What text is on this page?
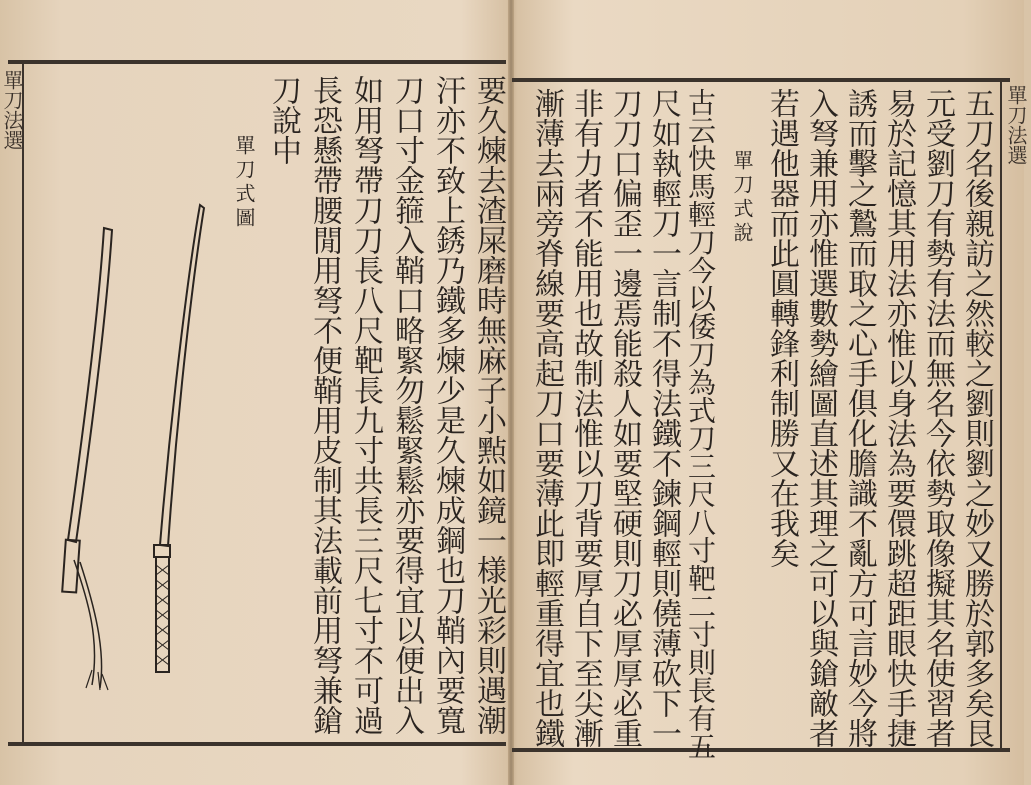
單刀法選	要久煉去渣屎磨時無麻子小㸃如鏡一様光彩則遇潮
汗亦不致上銹乃鐵多煉少是久煉成鋼也刀鞘內要寬
刀口寸金箍入鞘口略緊勿鬆緊鬆亦要得宜以便出入
如用弩帶刀刀長八尺靶長九寸共長三尺七寸不可過
長恐懸帶腰閒用弩不便鞘用皮制其法載前用弩兼鎗
刀說中
單刀式圖
單刀法選
五刀名後親訪之然較之劉則劉之妙又勝於郭多矣艮
元受劉刀有勢有法而無名今依勢取像擬其名使習者
易於記憶其用法亦惟以身法為要儇跳超距眼快手捷
誘而擊之鷙而取之心手俱化膽識不亂方可言妙今將
入弩兼用亦惟選數勢繪圖直述其理之可以與鎗敵者
若遇他器而此圓轉鋒利制勝又在我矣
單刀式說
古云快馬輕刀今以倭刀為式刀三尺八寸靶二寸則長有五
尺如執輕刀一言制不得法鐵不鍊鋼輕則僥薄砍下一
刀刀口偏歪一邊焉能殺人如要堅硬則刀必厚厚必重
非有力者不能用也故制法惟以刀背要厚自下至尖漸
漸薄去兩旁脊線要高起刀口要薄此即輕重得宜也鐵
